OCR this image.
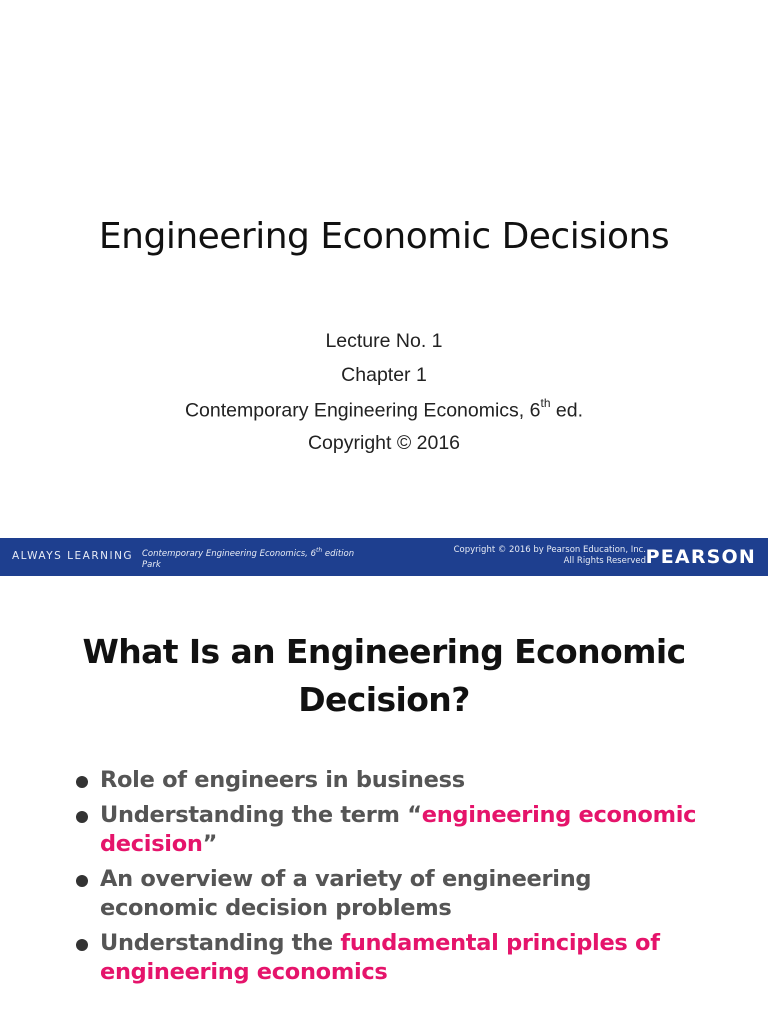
Engineering Economic Decisions
Lecture No. 1
Chapter 1
Contemporary Engineering Economics, 6th ed.
Copyright © 2016
ALWAYS LEARNING Contemporary Engineering Economics, 6th edition
Park
Copyright © 2016 by Pearson Education, Inc.
All Rights Reserved PEARSON
What Is an Engineering Economic
Decision?
Role of engineers in business
Understanding the term “engineering economic decision”
An overview of a variety of engineering economic decision problems
Understanding the fundamental principles of engineering economics
